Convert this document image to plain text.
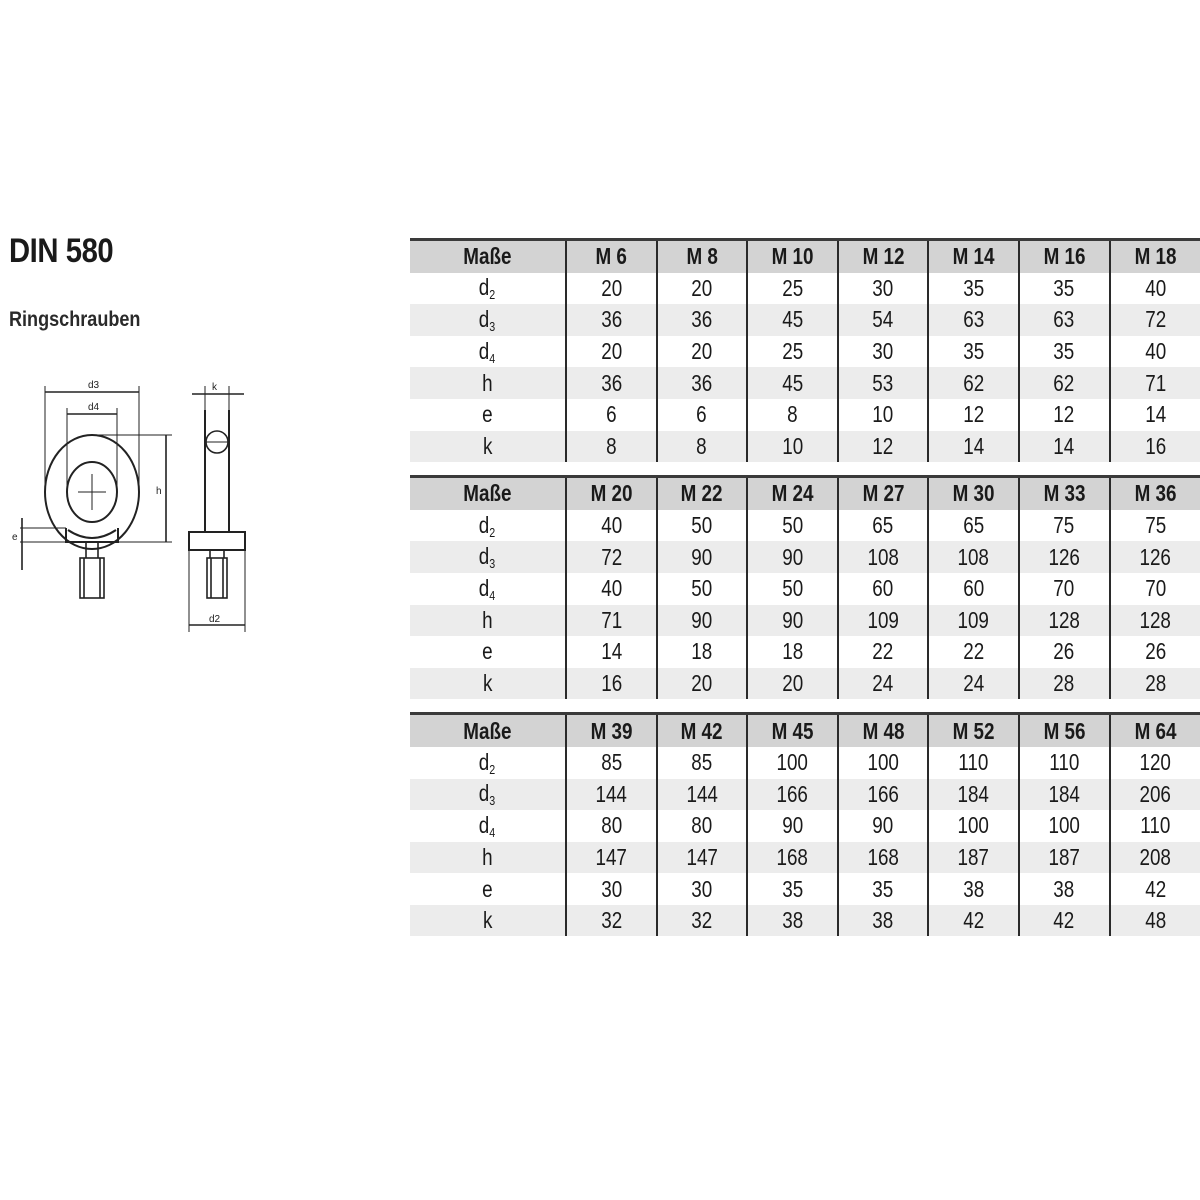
DIN 580
Ringschrauben
d3
d4
h
e
k
d2
Maße	M 6	M 8	M 10	M 12	M 14	M 16	M 18
$d_2$	20	20	25	30	35	35	40
$d_3$	36	36	45	54	63	63	72
$d_4$	20	20	25	30	35	35	40
h	36	36	45	53	62	62	71
e	6	6	8	10	12	12	14
k	8	8	10	12	14	14	16
Maße	M 20	M 22	M 24	M 27	M 30	M 33	M 36
$d_2$	40	50	50	65	65	75	75
$d_3$	72	90	90	108	108	126	126
$d_4$	40	50	50	60	60	70	70
h	71	90	90	109	109	128	128
e	14	18	18	22	22	26	26
k	16	20	20	24	24	28	28
Maße	M 39	M 42	M 45	M 48	M 52	M 56	M 64
$d_2$	85	85	100	100	110	110	120
$d_3$	144	144	166	166	184	184	206
$d_4$	80	80	90	90	100	100	110
h	147	147	168	168	187	187	208
e	30	30	35	35	38	38	42
k	32	32	38	38	42	42	48
